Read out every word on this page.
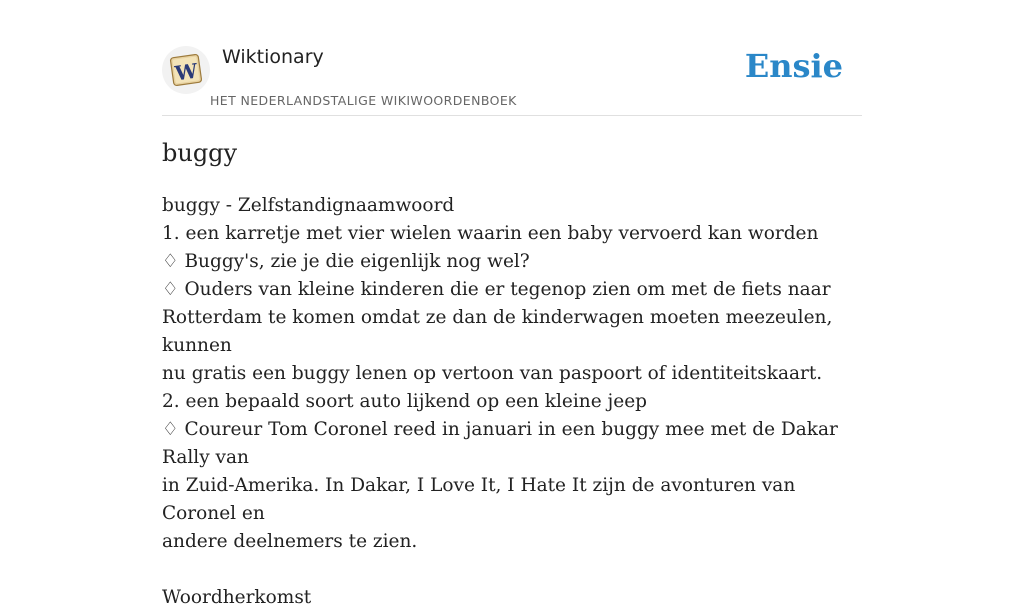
W
Wiktionary
HET NEDERLANDSTALIGE WIKIWOORDENBOEK
Ensie
buggy
buggy - Zelfstandignaamwoord
1. een karretje met vier wielen waarin een baby vervoerd kan worden
♢ Buggy's, zie je die eigenlijk nog wel?
♢ Ouders van kleine kinderen die er tegenop zien om met de fiets naar
Rotterdam te komen omdat ze dan de kinderwagen moeten meezeulen, kunnen
nu gratis een buggy lenen op vertoon van paspoort of identiteitskaart.
2. een bepaald soort auto lijkend op een kleine jeep
♢ Coureur Tom Coronel reed in januari in een buggy mee met de Dakar Rally van
in Zuid-Amerika. In Dakar, I Love It, I Hate It zijn de avonturen van Coronel en
andere deelnemers te zien.
Woordherkomst
